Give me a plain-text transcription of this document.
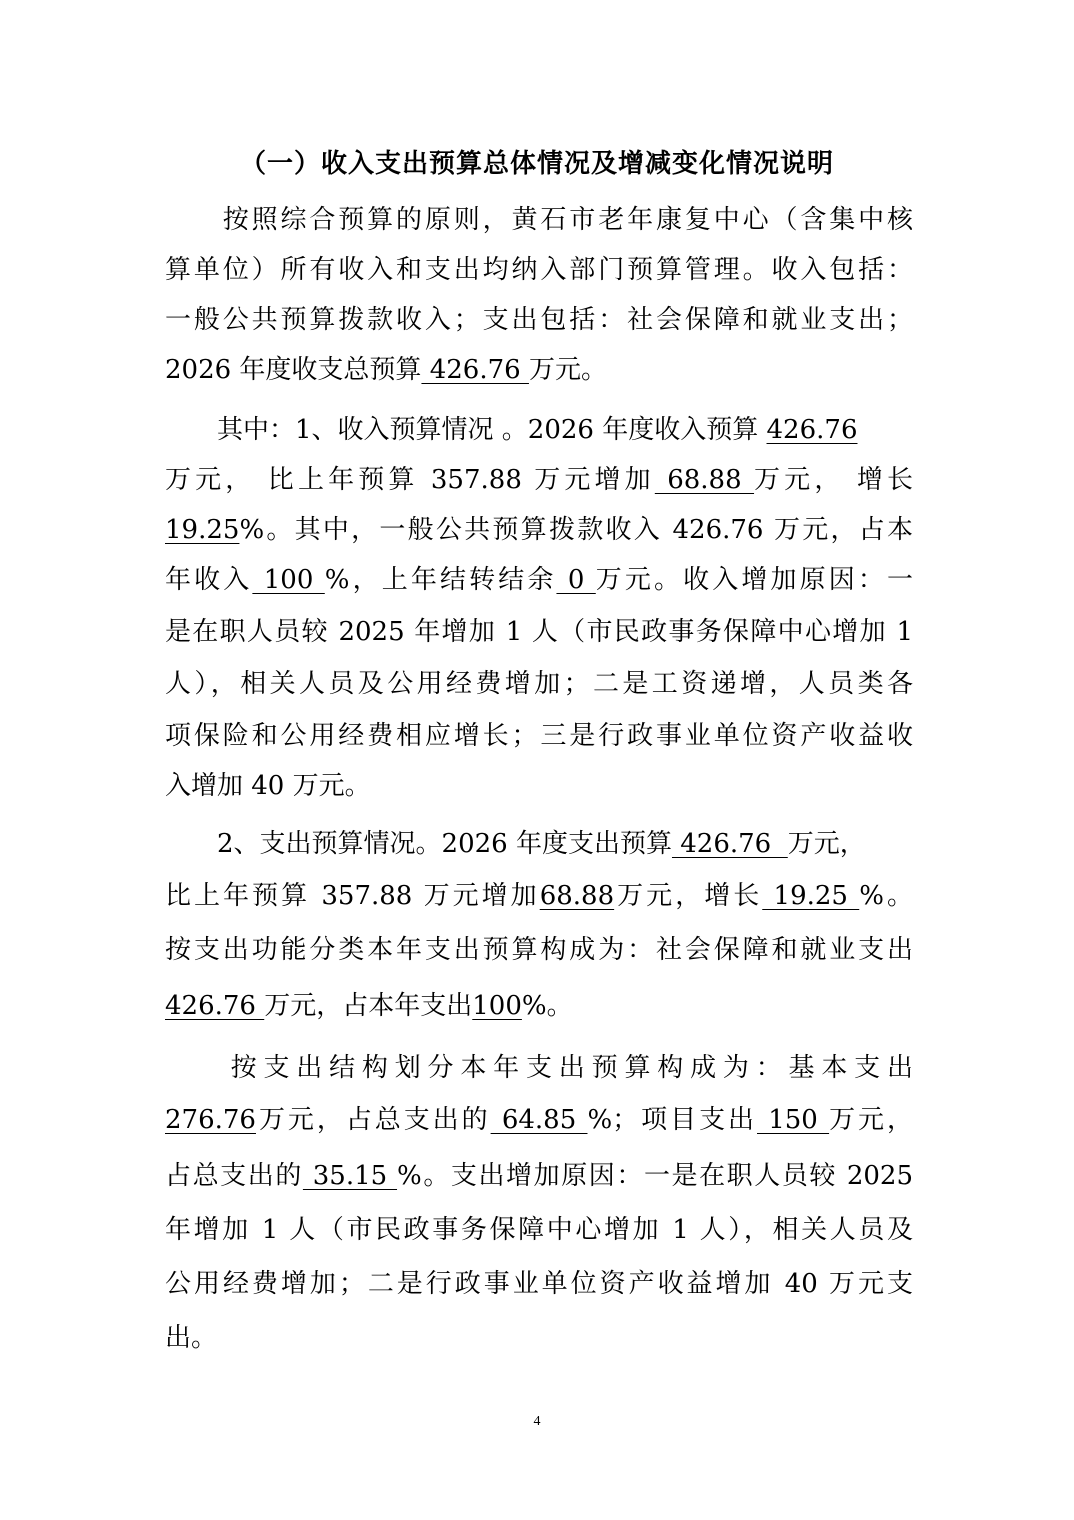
（一）收入支出预算总体情况及增减变化情况说明
　　按照综合预算的原则，黄石市老年康复中心（含集中核
算单位）所有收入和支出均纳入部门预算管理。收入包括：
一般公共预算拨款收入；支出包括：社会保障和就业支出；
2026 年度收支总预算 426.76 万元。
　　其中：1、收入预算情况 。2026 年度收入预算 426.76
万元， 比上年预算 357.88 万元增加 68.88 万元， 增长
19.25%。其中，一般公共预算拨款收入 426.76 万元，占本
年收入 100 %，上年结转结余 0 万元。收入增加原因：一
是在职人员较 2025 年增加 1 人（市民政事务保障中心增加 1
人），相关人员及公用经费增加；二是工资递增，人员类各
项保险和公用经费相应增长；三是行政事业单位资产收益收
入增加 40 万元。
　　2、支出预算情况。2026 年度支出预算 426.76  万元，
比上年预算 357.88 万元增加68.88万元，增长 19.25 %。
按支出功能分类本年支出预算构成为：社会保障和就业支出
426.76 万元，占本年支出100%。
　　按支出结构划分本年支出预算构成为：基本支出
276.76万元，占总支出的 64.85 %；项目支出 150 万元，
占总支出的 35.15 %。支出增加原因：一是在职人员较 2025
年增加 1 人（市民政事务保障中心增加 1 人），相关人员及
公用经费增加；二是行政事业单位资产收益增加 40 万元支
出。
4
